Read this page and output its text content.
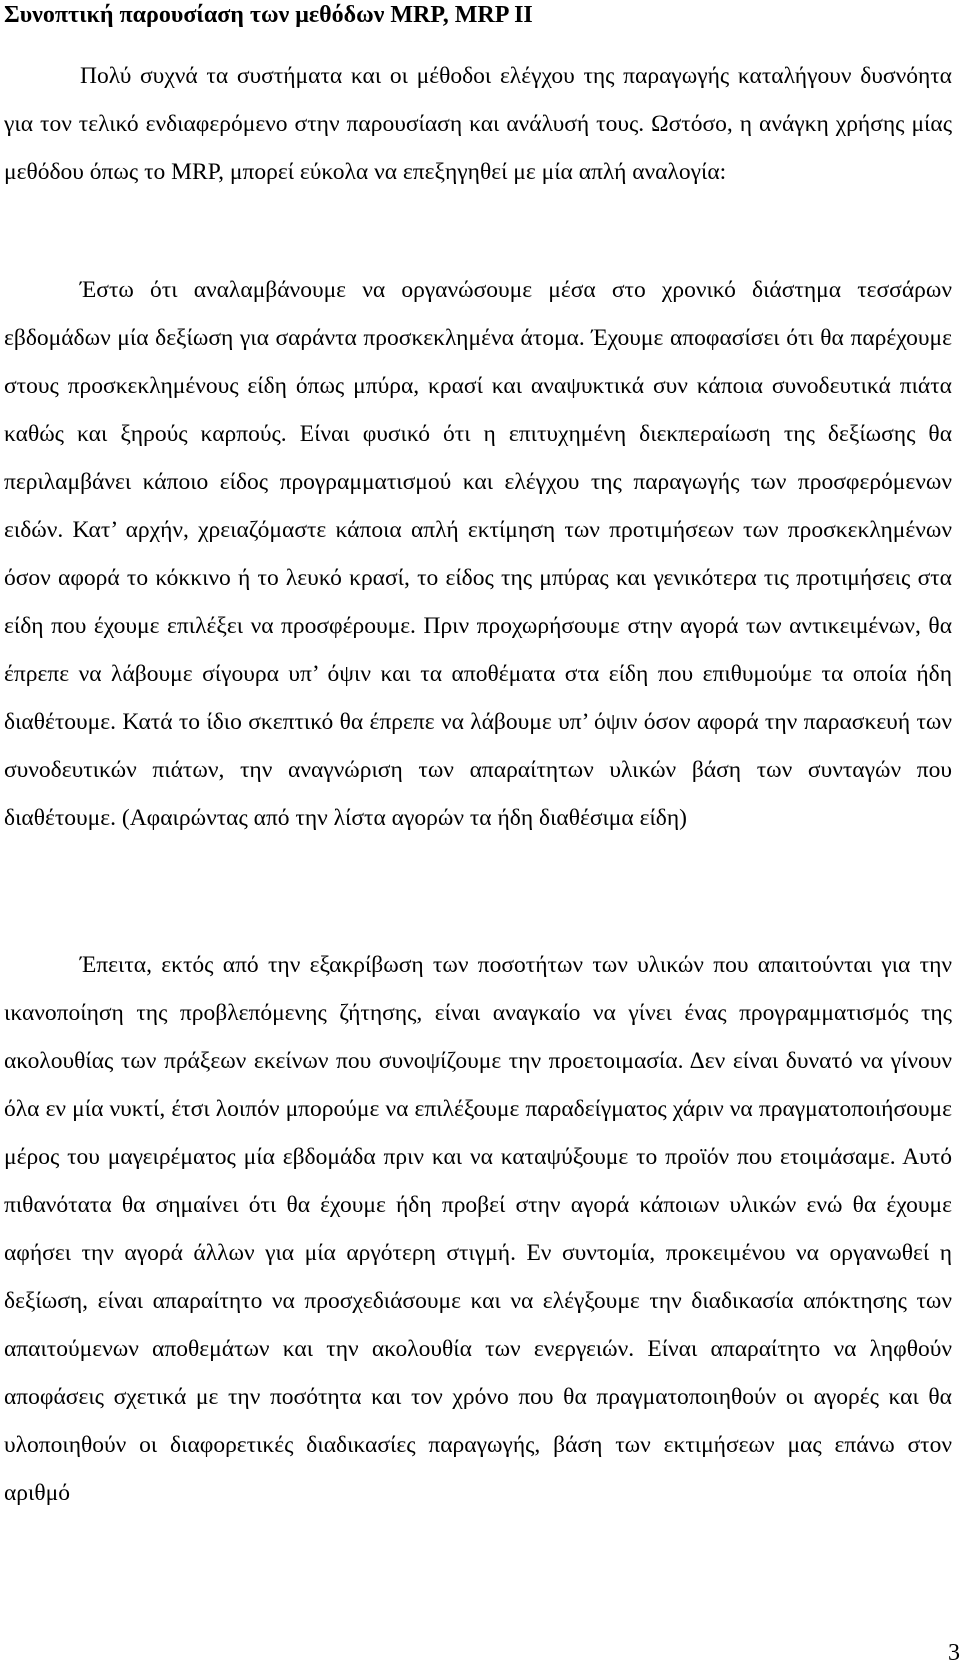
Συνοπτική παρουσίαση των μεθόδων MRP, MRP II

Πολύ συχνά τα συστήματα και οι μέθοδοι ελέγχου της παραγωγής καταλήγουν δυσνόητα για τον τελικό ενδιαφερόμενο στην παρουσίαση και ανάλυσή τους. Ωστόσο, η ανάγκη χρήσης μίας μεθόδου όπως το MRP, μπορεί εύκολα να επεξηγηθεί με μία απλή αναλογία:

Έστω ότι αναλαμβάνουμε να οργανώσουμε μέσα στο χρονικό διάστημα τεσσάρων εβδομάδων μία δεξίωση για σαράντα προσκεκλημένα άτομα. Έχουμε αποφασίσει ότι θα παρέχουμε στους προσκεκλημένους είδη όπως μπύρα, κρασί και αναψυκτικά συν κάποια συνοδευτικά πιάτα καθώς και ξηρούς καρπούς. Είναι φυσικό ότι η επιτυχημένη διεκπεραίωση της δεξίωσης θα περιλαμβάνει κάποιο είδος προγραμματισμού και ελέγχου της παραγωγής των προσφερόμενων ειδών. Κατ’ αρχήν, χρειαζόμαστε κάποια απλή εκτίμηση των προτιμήσεων των προσκεκλημένων όσον αφορά το κόκκινο ή το λευκό κρασί, το είδος της μπύρας και γενικότερα τις προτιμήσεις στα είδη που έχουμε επιλέξει να προσφέρουμε. Πριν προχωρήσουμε στην αγορά των αντικειμένων, θα έπρεπε να λάβουμε σίγουρα υπ’ όψιν και τα αποθέματα στα είδη που επιθυμούμε τα οποία ήδη διαθέτουμε. Κατά το ίδιο σκεπτικό θα έπρεπε να λάβουμε υπ’ όψιν όσον αφορά την παρασκευή των συνοδευτικών πιάτων, την αναγνώριση των απαραίτητων υλικών βάση των συνταγών που διαθέτουμε. (Αφαιρώντας από την λίστα αγορών τα ήδη διαθέσιμα είδη)

Έπειτα, εκτός από την εξακρίβωση των ποσοτήτων των υλικών που απαιτούνται για την ικανοποίηση της προβλεπόμενης ζήτησης, είναι αναγκαίο να γίνει ένας προγραμματισμός της ακολουθίας των πράξεων εκείνων που συνοψίζουμε την προετοιμασία. Δεν είναι δυνατό να γίνουν όλα εν μία νυκτί, έτσι λοιπόν μπορούμε να επιλέξουμε παραδείγματος χάριν να πραγματοποιήσουμε μέρος του μαγειρέματος μία εβδομάδα πριν και να καταψύξουμε το προϊόν που ετοιμάσαμε. Αυτό πιθανότατα θα σημαίνει ότι θα έχουμε ήδη προβεί στην αγορά κάποιων υλικών ενώ θα έχουμε αφήσει την αγορά άλλων για μία αργότερη στιγμή. Εν συντομία, προκειμένου να οργανωθεί η δεξίωση, είναι απαραίτητο να προσχεδιάσουμε και να ελέγξουμε την διαδικασία απόκτησης των απαιτούμενων αποθεμάτων και την ακολουθία των ενεργειών. Είναι απαραίτητο να ληφθούν αποφάσεις σχετικά με την ποσότητα και τον χρόνο που θα πραγματοποιηθούν οι αγορές και θα υλοποιηθούν οι διαφορετικές διαδικασίες παραγωγής, βάση των εκτιμήσεων μας επάνω στον αριθμό

3
